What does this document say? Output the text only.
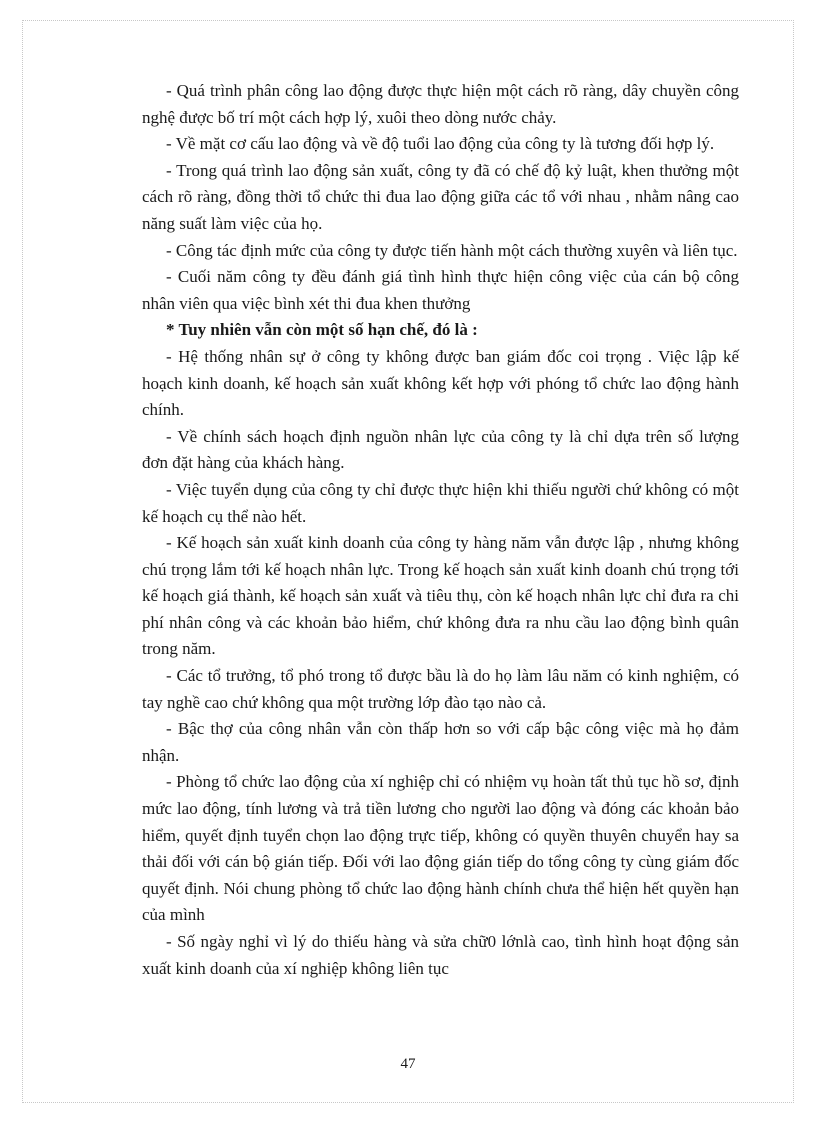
- Quá trình phân công lao động được thực hiện một cách rõ ràng, dây chuyền công nghệ được bố trí một cách hợp lý, xuôi theo dòng nước chảy.

- Về mặt cơ cấu lao động và về độ tuổi lao động của công ty là tương đối hợp lý.

- Trong quá trình lao động sản xuất, công ty đã có chế độ kỷ luật, khen thưởng một cách rõ ràng, đồng thời tổ chức thi đua lao động giữa các tổ với nhau , nhằm nâng cao năng suất làm việc của họ.

- Công tác định mức của công ty được tiến hành một cách thường xuyên và liên tục.

- Cuối năm công ty đều đánh giá tình hình thực hiện công việc của cán bộ công nhân viên qua việc bình xét thi đua khen thưởng

* Tuy nhiên vẫn còn một số hạn chế, đó là :

- Hệ thống nhân sự ở công ty không được ban giám đốc coi trọng . Việc lập kế hoạch kinh doanh, kế hoạch sản xuất không kết hợp với phóng tổ chức lao động hành chính.

- Về chính sách hoạch định nguồn nhân lực của công ty là chỉ dựa trên số lượng đơn đặt hàng của khách hàng.

- Việc tuyển dụng của công ty chỉ được thực hiện khi thiếu người chứ không có một kế hoạch cụ thể nào hết.

- Kế hoạch sản xuất kinh doanh của công ty hàng năm vẫn được lập , nhưng không chú trọng lắm tới kế hoạch nhân lực. Trong kế hoạch sản xuất kinh doanh chú trọng tới kế hoạch giá thành, kế hoạch sản xuất và tiêu thụ, còn kế hoạch nhân lực chỉ đưa ra chi phí nhân công và các khoản bảo hiểm, chứ không đưa ra nhu cầu lao động bình quân trong năm.

- Các tổ trưởng, tổ phó trong tổ được bầu là do họ làm lâu năm có kinh nghiệm, có tay nghề cao chứ không qua một trường lớp đào tạo nào cả.

- Bậc thợ của công nhân vẫn còn thấp hơn so với cấp bậc công việc mà họ đảm nhận.

- Phòng tổ chức lao động của xí nghiệp chỉ có nhiệm vụ hoàn tất thủ tục hồ sơ, định mức lao động, tính lương và trả tiền lương cho người lao động và đóng các khoản bảo hiểm, quyết định tuyển chọn lao động trực tiếp, không có quyền thuyên chuyển hay sa thải đối với cán bộ gián tiếp. Đối với lao động gián tiếp do tổng công ty cùng giám đốc quyết định. Nói chung phòng tổ chức lao động hành chính chưa thể hiện hết quyền hạn của mình

- Số ngày nghỉ vì lý do thiếu hàng và sửa chữ0 lớnlà cao, tình hình hoạt động sản xuất kinh doanh của xí nghiệp không liên tục

47
